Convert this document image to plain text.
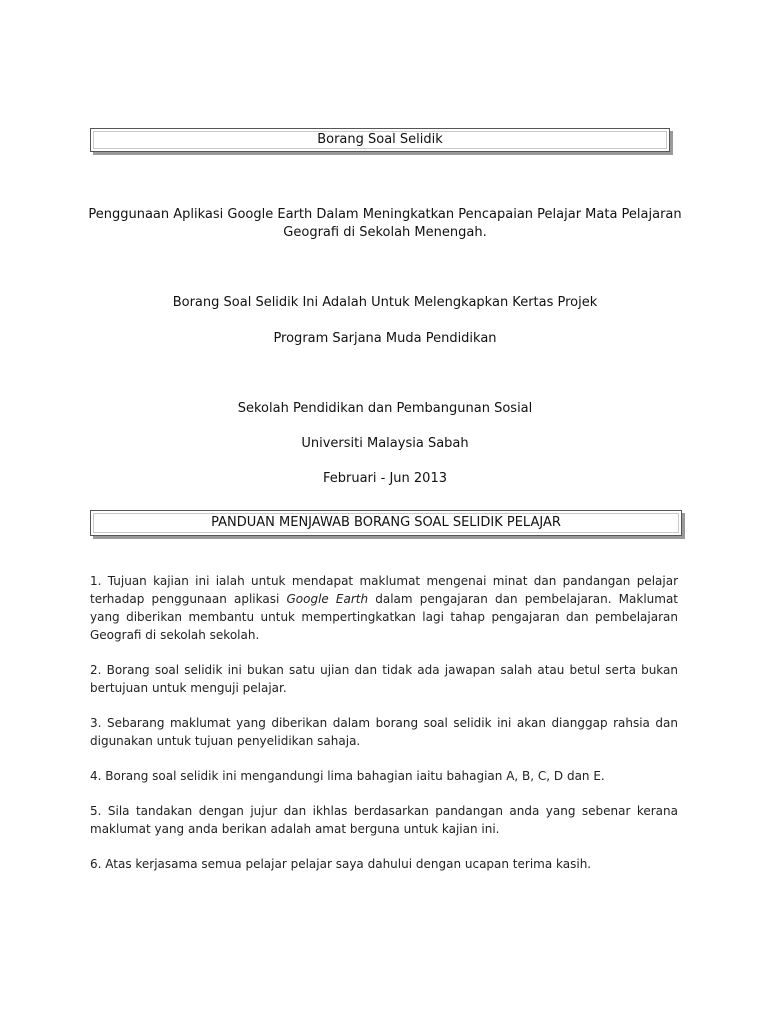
Borang Soal Selidik
Penggunaan Aplikasi Google Earth Dalam Meningkatkan Pencapaian Pelajar Mata Pelajaran Geografi di Sekolah Menengah.
Borang Soal Selidik Ini Adalah Untuk Melengkapkan Kertas Projek
Program Sarjana Muda Pendidikan
Sekolah Pendidikan dan Pembangunan Sosial
Universiti Malaysia Sabah
Februari - Jun 2013
PANDUAN MENJAWAB BORANG SOAL SELIDIK PELAJAR

1. Tujuan kajian ini ialah untuk mendapat maklumat mengenai minat dan pandangan pelajar terhadap penggunaan aplikasi Google Earth dalam pengajaran dan pembelajaran. Maklumat yang diberikan membantu untuk mempertingkatkan lagi tahap pengajaran dan pembelajaran Geografi di sekolah sekolah.

2. Borang soal selidik ini bukan satu ujian dan tidak ada jawapan salah atau betul serta bukan bertujuan untuk menguji pelajar.

3. Sebarang maklumat yang diberikan dalam borang soal selidik ini akan dianggap rahsia dan digunakan untuk tujuan penyelidikan sahaja.

4. Borang soal selidik ini mengandungi lima bahagian iaitu bahagian A, B, C, D dan E.

5. Sila tandakan dengan jujur dan ikhlas berdasarkan pandangan anda yang sebenar kerana maklumat yang anda berikan adalah amat berguna untuk kajian ini.

6. Atas kerjasama semua pelajar pelajar saya dahului dengan ucapan terima kasih.
